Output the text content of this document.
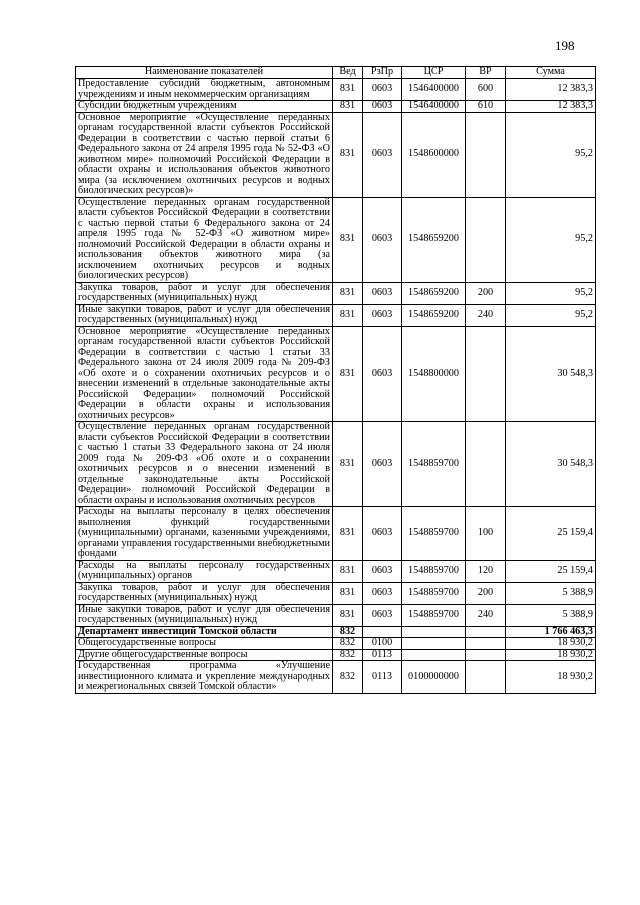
198
Наименование показателей	Вед	РзПр	ЦСР	ВР	Сумма
Предоставление субсидий бюджетным, автономным учреждениям и иным некоммерческим организациям	831	0603	1546400000	600	12 383,3
Субсидии бюджетным учреждениям	831	0603	1546400000	610	12 383,3
Основное мероприятие «Осуществление переданных органам государственной власти субъектов Российской Федерации в соответствии с частью первой статьи 6 Федерального закона от 24 апреля 1995 года № 52-ФЗ «О животном мире» полномочий Российской Федерации в области охраны и использования объектов животного мира (за исключением охотничьих ресурсов и водных биологических ресурсов)»	831	0603	1548600000		95,2
Осуществление переданных органам государственной власти субъектов Российской Федерации в соответствии с частью первой статьи 6 Федерального закона от 24 апреля 1995 года № 52-ФЗ «О животном мире» полномочий Российской Федерации в области охраны и использования объектов животного мира (за исключением охотничьих ресурсов и водных биологических ресурсов)	831	0603	1548659200		95,2
Закупка товаров, работ и услуг для обеспечения государственных (муниципальных) нужд	831	0603	1548659200	200	95,2
Иные закупки товаров, работ и услуг для обеспечения государственных (муниципальных) нужд	831	0603	1548659200	240	95,2
Основное мероприятие «Осуществление переданных органам государственной власти субъектов Российской Федерации в соответствии с частью 1 статьи 33 Федерального закона от 24 июля 2009 года № 209-ФЗ «Об охоте и о сохранении охотничьих ресурсов и о внесении изменений в отдельные законодательные акты Российской Федерации» полномочий Российской Федерации в области охраны и использования охотничьих ресурсов»	831	0603	1548800000		30 548,3
Осуществление переданных органам государственной власти субъектов Российской Федерации в соответствии с частью 1 статьи 33 Федерального закона от 24 июля 2009 года № 209-ФЗ «Об охоте и о сохранении охотничьих ресурсов и о внесении изменений в отдельные законодательные акты Российской Федерации» полномочий Российской Федерации в области охраны и использования охотничьих ресурсов	831	0603	1548859700		30 548,3
Расходы на выплаты персоналу в целях обеспечения выполнения функций государственными (муниципальными) органами, казенными учреждениями, органами управления государственными внебюджетными фондами	831	0603	1548859700	100	25 159,4
Расходы на выплаты персоналу государственных (муниципальных) органов	831	0603	1548859700	120	25 159,4
Закупка товаров, работ и услуг для обеспечения государственных (муниципальных) нужд	831	0603	1548859700	200	5 388,9
Иные закупки товаров, работ и услуг для обеспечения государственных (муниципальных) нужд	831	0603	1548859700	240	5 388,9
Департамент инвестиций Томской области	832				1 766 463,3
Общегосударственные вопросы	832	0100			18 930,2
Другие общегосударственные вопросы	832	0113			18 930,2
Государственная программа «Улучшение инвестиционного климата и укрепление международных и межрегиональных связей Томской области»	832	0113	0100000000		18 930,2
